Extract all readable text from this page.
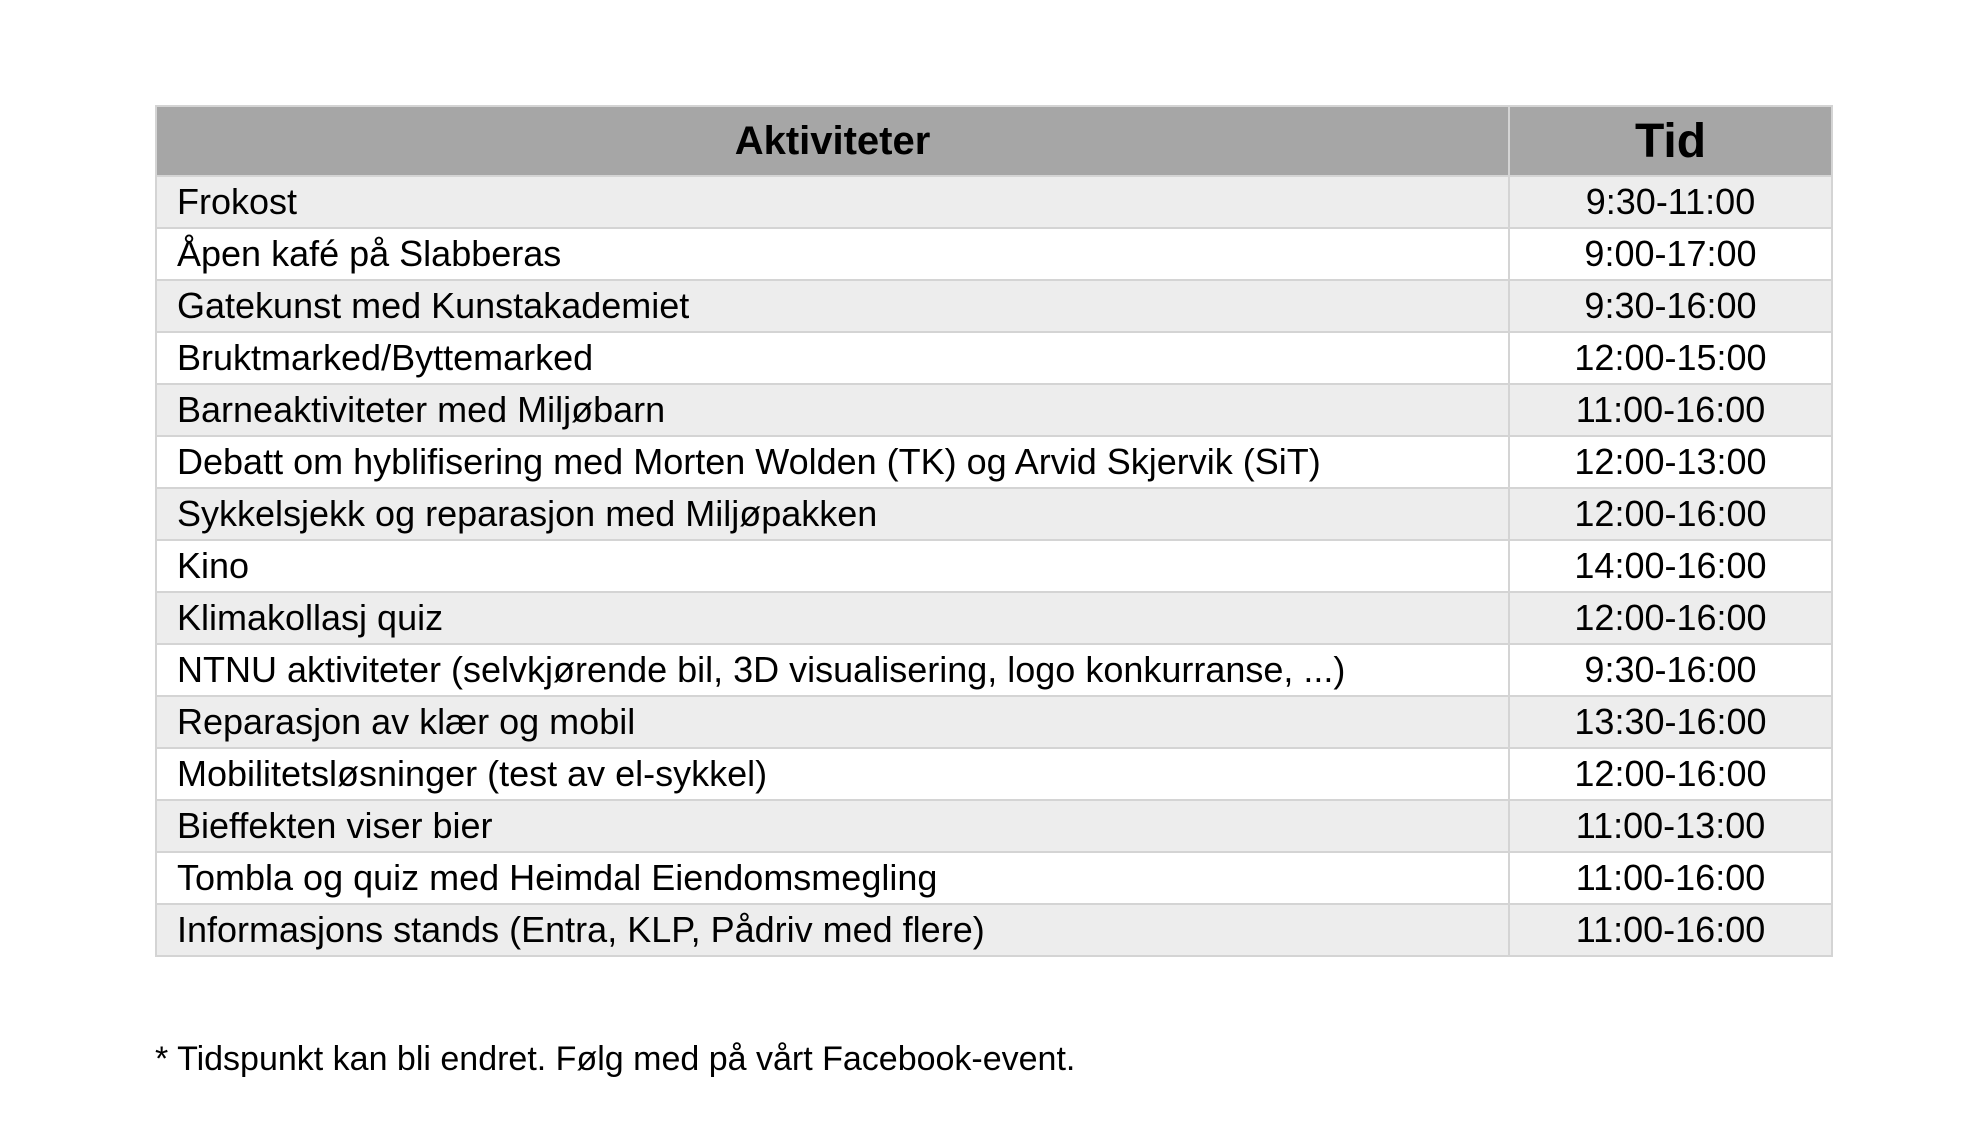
Aktiviteter	Tid
Frokost	9:30-11:00
Åpen kafé på Slabberas	9:00-17:00
Gatekunst med Kunstakademiet	9:30-16:00
Bruktmarked/Byttemarked	12:00-15:00
Barneaktiviteter med Miljøbarn	11:00-16:00
Debatt om hyblifisering med Morten Wolden (TK) og Arvid Skjervik (SiT)	12:00-13:00
Sykkelsjekk og reparasjon med Miljøpakken	12:00-16:00
Kino	14:00-16:00
Klimakollasj quiz	12:00-16:00
NTNU aktiviteter (selvkjørende bil, 3D visualisering, logo konkurranse, ...)	9:30-16:00
Reparasjon av klær og mobil	13:30-16:00
Mobilitetsløsninger (test av el-sykkel)	12:00-16:00
Bieffekten viser bier	11:00-13:00
Tombla og quiz med Heimdal Eiendomsmegling	11:00-16:00
Informasjons stands (Entra, KLP, Pådriv med flere)	11:00-16:00
* Tidspunkt kan bli endret. Følg med på vårt Facebook-event.
